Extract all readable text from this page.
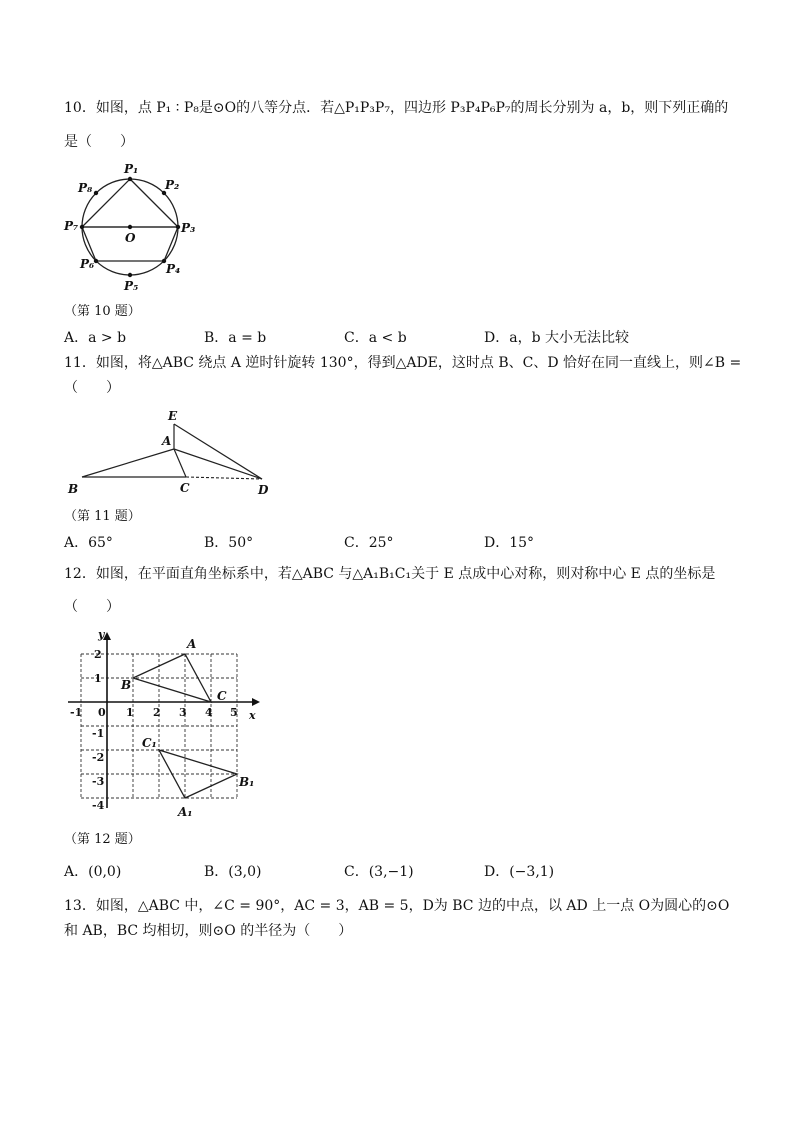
10．如图，点 P₁ ∶ P₈是⊙O的八等分点．若△P₁P₃P₇，四边形 P₃P₄P₆P₇的周长分别为 a，b，则下列正确的
是（　　）
P₁
P₂
P₃
P₄
P₅
P₆
P₇
P₈
O
（第 10 题）
A．a > b	B．a = b	C．a < b	D．a，b 大小无法比较
11．如图，将△ABC 绕点 A 逆时针旋转 130°，得到△ADE，这时点 B、C、D 恰好在同一直线上，则∠B =
（　　）
E
A
B	C	D
（第 11 题）
A．65°	B．50°	C．25°	D．15°
12．如图，在平面直角坐标系中，若△ABC 与△A₁B₁C₁关于 E 点成中心对称，则对称中心 E 点的坐标是
（　　）
y
x
-1 0 1 2 3 4 5
2
1
-1
-2
-3
-4
A
B
C
C₁
B₁
A₁
（第 12 题）
A．(0,0)	B．(3,0)	C．(3,−1)	D．(−3,1)
13．如图，△ABC 中，∠C = 90°，AC = 3，AB = 5，D为 BC 边的中点，以 AD 上一点 O为圆心的⊙O
和 AB，BC 均相切，则⊙O 的半径为（　　）
